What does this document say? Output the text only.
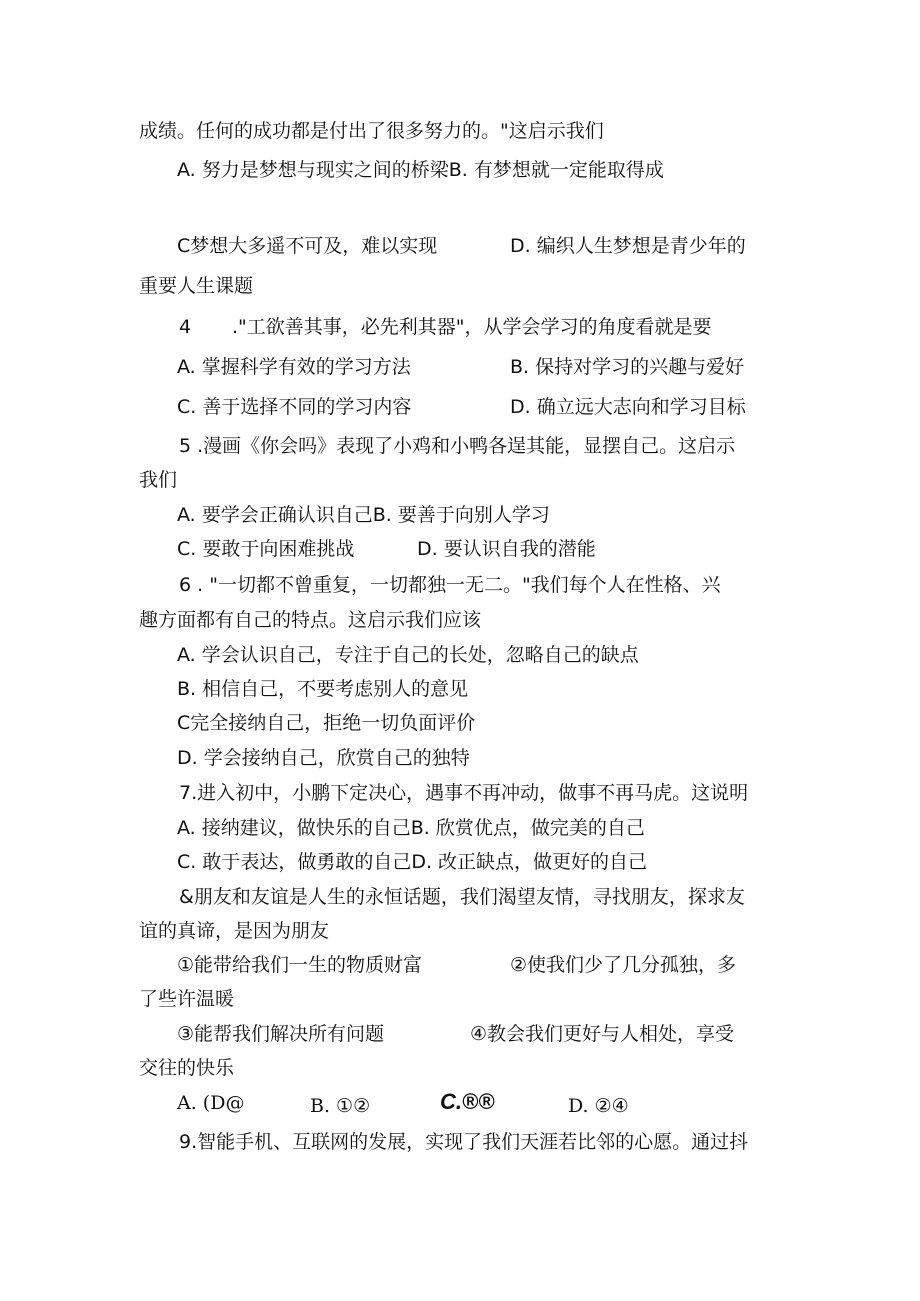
成绩。任何的成功都是付出了很多努力的。"这启示我们
A. 努力是梦想与现实之间的桥梁B. 有梦想就一定能取得成
C梦想大多遥不可及，难以实现	D. 编织人生梦想是青少年的
重要人生课题
4 ."工欲善其事，必先利其器"，从学会学习的角度看就是要
A. 掌握科学有效的学习方法	B. 保持对学习的兴趣与爱好
C. 善于选择不同的学习内容	D. 确立远大志向和学习目标
5 .漫画《你会吗》表现了小鸡和小鸭各逞其能，显摆自己。这启示
我们
A. 要学会正确认识自己B. 要善于向别人学习
C. 要敢于向困难挑战	D. 要认识自我的潜能
6 . "一切都不曾重复，一切都独一无二。"我们每个人在性格、兴
趣方面都有自己的特点。这启示我们应该
A. 学会认识自己，专注于自己的长处，忽略自己的缺点
B. 相信自己，不要考虑别人的意见
C完全接纳自己，拒绝一切负面评价
D. 学会接纳自己，欣赏自己的独特
7.进入初中，小鹏下定决心，遇事不再冲动，做事不再马虎。这说明
A. 接纳建议，做快乐的自己B. 欣赏优点，做完美的自己
C. 敢于表达，做勇敢的自己D. 改正缺点，做更好的自己
&朋友和友谊是人生的永恒话题，我们渴望友情，寻找朋友，探求友
谊的真谛，是因为朋友
①能带给我们一生的物质财富	②使我们少了几分孤独，多
了些许温暖
③能帮我们解决所有问题	④教会我们更好与人相处，享受
交往的快乐
A. (D@	B. ①②	C.®®	D. ②④
9.智能手机、互联网的发展，实现了我们天涯若比邻的心愿。通过抖
